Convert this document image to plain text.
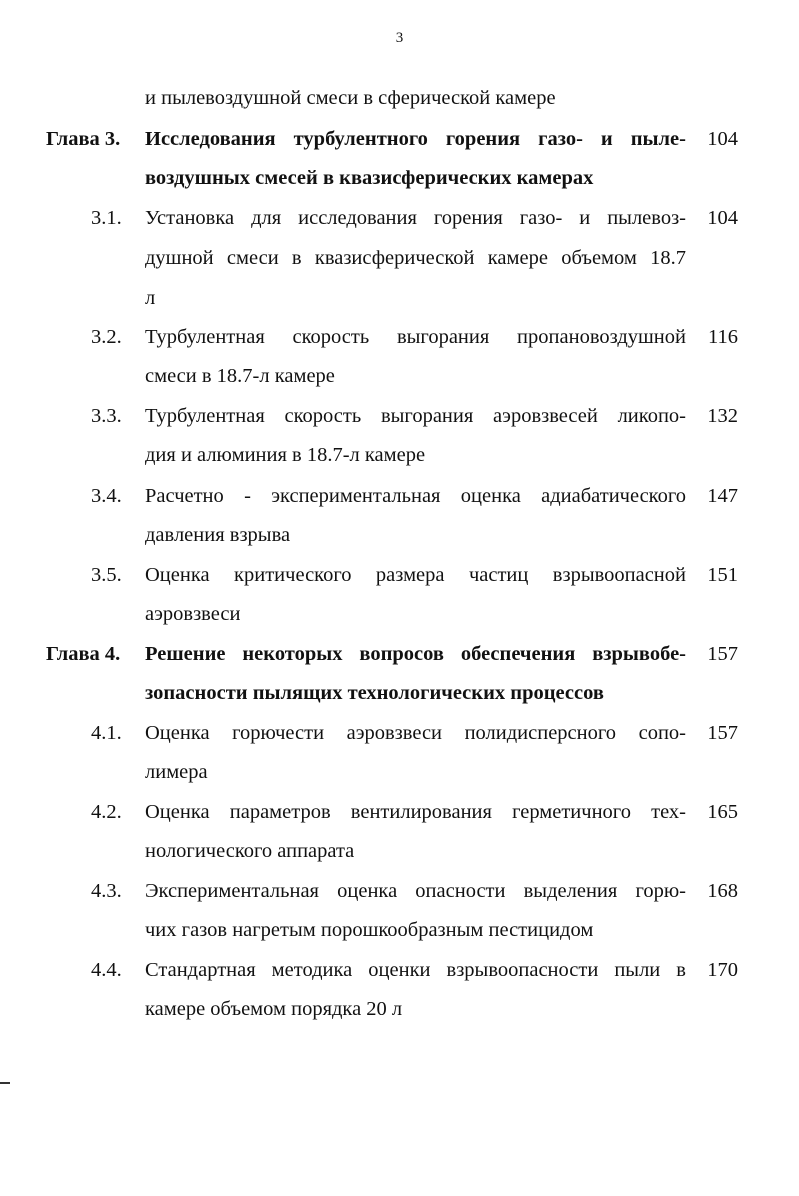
3
и пылевоздушной смеси в сферической камере
Глава 3. Исследования турбулентного горения газо- и пыле-
воздушных смесей в квазисферических камерах
104
3.1. Установка для исследования горения газо- и пылевоз-
душной смеси в квазисферической камере объемом 18.7
л
104
3.2. Турбулентная скорость выгорания пропановоздушной
смеси в 18.7-л камере
116
3.3. Турбулентная скорость выгорания аэровзвесей ликопо-
дия и алюминия в 18.7-л камере
132
3.4. Расчетно - экспериментальная оценка адиабатического
давления взрыва
147
3.5. Оценка критического размера частиц взрывоопасной
аэровзвеси
151
Глава 4. Решение некоторых вопросов обеспечения взрывобе-
зопасности пылящих технологических процессов
157
4.1. Оценка горючести аэровзвеси полидисперсного сопо-
лимера
157
4.2. Оценка параметров вентилирования герметичного тех-
нологического аппарата
165
4.3. Экспериментальная оценка опасности выделения горю-
чих газов нагретым порошкообразным пестицидом
168
4.4. Стандартная методика оценки взрывоопасности пыли в
камере объемом порядка 20 л
170
